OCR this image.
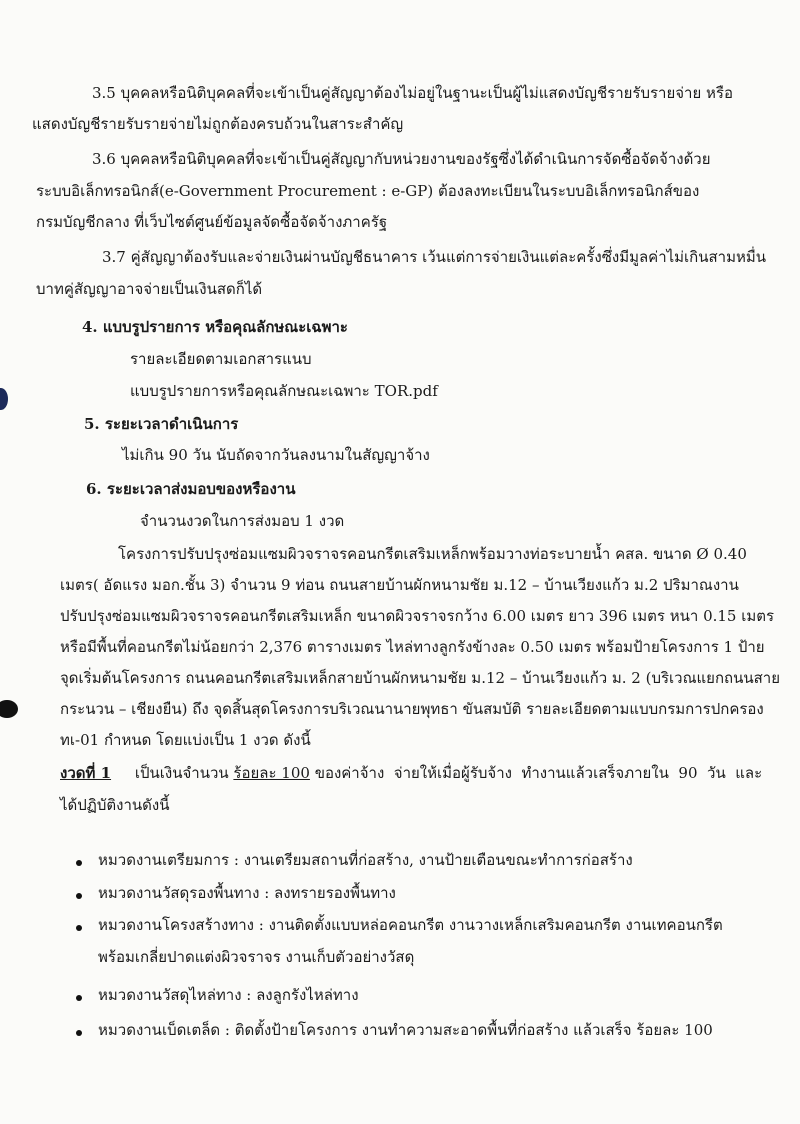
3.5 บุคคลหรือนิติบุคคลที่จะเข้าเป็นคู่สัญญาต้องไม่อยู่ในฐานะเป็นผู้ไม่แสดงบัญชีรายรับรายจ่าย หรือ
แสดงบัญชีรายรับรายจ่ายไม่ถูกต้องครบถ้วนในสาระสำคัญ
3.6 บุคคลหรือนิติบุคคลที่จะเข้าเป็นคู่สัญญากับหน่วยงานของรัฐซึ่งได้ดำเนินการจัดซื้อจัดจ้างด้วย
ระบบอิเล็กทรอนิกส์(e-Government Procurement : e-GP) ต้องลงทะเบียนในระบบอิเล็กทรอนิกส์ของ
กรมบัญชีกลาง ที่เว็บไซต์ศูนย์ข้อมูลจัดซื้อจัดจ้างภาครัฐ
3.7 คู่สัญญาต้องรับและจ่ายเงินผ่านบัญชีธนาคาร เว้นแต่การจ่ายเงินแต่ละครั้งซึ่งมีมูลค่าไม่เกินสามหมื่น
บาทคู่สัญญาอาจจ่ายเป็นเงินสดก็ได้
4. แบบรูปรายการ หรือคุณลักษณะเฉพาะ
รายละเอียดตามเอกสารแนบ
แบบรูปรายการหรือคุณลักษณะเฉพาะ TOR.pdf
5. ระยะเวลาดำเนินการ
ไม่เกิน 90 วัน นับถัดจากวันลงนามในสัญญาจ้าง
6. ระยะเวลาส่งมอบของหรืองาน
จำนวนงวดในการส่งมอบ 1 งวด
โครงการปรับปรุงซ่อมแซมผิวจราจรคอนกรีตเสริมเหล็กพร้อมวางท่อระบายน้ำ คสล. ขนาด Ø 0.40
เมตร( อัดแรง มอก.ชั้น 3) จำนวน 9 ท่อน ถนนสายบ้านผักหนามชัย ม.12 – บ้านเวียงแก้ว ม.2 ปริมาณงาน
ปรับปรุงซ่อมแซมผิวจราจรคอนกรีตเสริมเหล็ก ขนาดผิวจราจรกว้าง 6.00 เมตร ยาว 396 เมตร หนา 0.15 เมตร
หรือมีพื้นที่คอนกรีตไม่น้อยกว่า 2,376 ตารางเมตร ไหล่ทางลูกรังข้างละ 0.50 เมตร พร้อมป้ายโครงการ 1 ป้าย
จุดเริ่มต้นโครงการ ถนนคอนกรีตเสริมเหล็กสายบ้านผักหนามชัย ม.12 – บ้านเวียงแก้ว ม. 2 (บริเวณแยกถนนสาย
กระนวน – เชียงยืน) ถึง จุดสิ้นสุดโครงการบริเวณนานายพุทธา ขันสมบัติ รายละเอียดตามแบบกรมการปกครอง
ทเ-01 กำหนด โดยแบ่งเป็น 1 งวด ดังนี้
งวดที่ 1     เป็นเงินจำนวน ร้อยละ 100 ของค่าจ้าง  จ่ายให้เมื่อผู้รับจ้าง  ทำงานแล้วเสร็จภายใน  90  วัน  และ
ได้ปฏิบัติงานดังนี้
หมวดงานเตรียมการ : งานเตรียมสถานที่ก่อสร้าง, งานป้ายเตือนขณะทำการก่อสร้าง
หมวดงานวัสดุรองพื้นทาง : ลงทรายรองพื้นทาง
หมวดงานโครงสร้างทาง : งานติดตั้งแบบหล่อคอนกรีต งานวางเหล็กเสริมคอนกรีต งานเทคอนกรีต
พร้อมเกลี่ยปาดแต่งผิวจราจร งานเก็บตัวอย่างวัสดุ
หมวดงานวัสดุไหล่ทาง : ลงลูกรังไหล่ทาง
หมวดงานเบ็ดเตล็ด : ติดตั้งป้ายโครงการ งานทำความสะอาดพื้นที่ก่อสร้าง แล้วเสร็จ ร้อยละ 100
